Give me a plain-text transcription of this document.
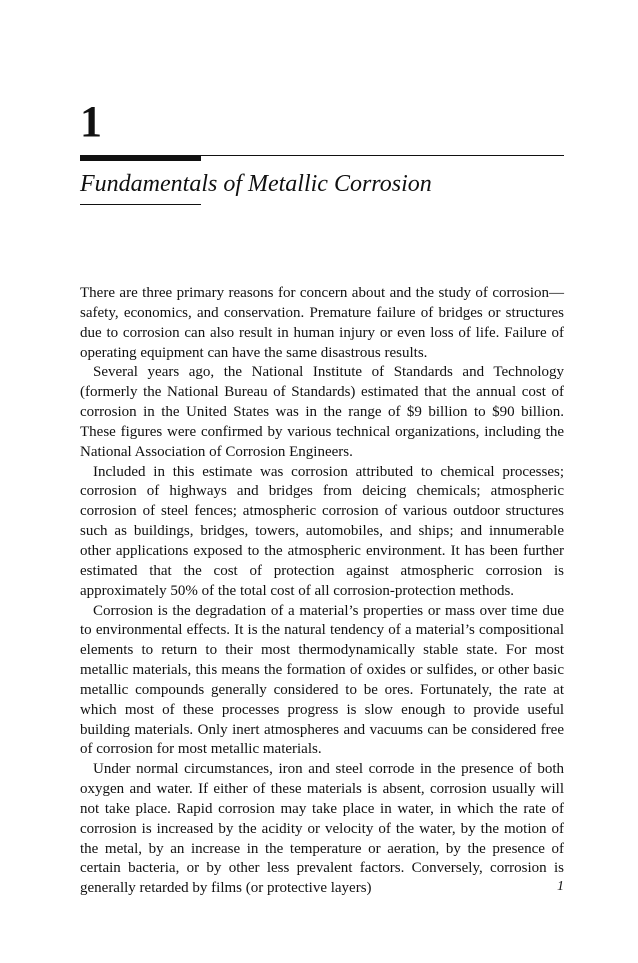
1
Fundamentals of Metallic Corrosion

There are three primary reasons for concern about and the study of corrosion—safety, economics, and conservation. Premature failure of bridges or structures due to corrosion can also result in human injury or even loss of life. Failure of operating equipment can have the same disastrous results.

Several years ago, the National Institute of Standards and Technology (formerly the National Bureau of Standards) estimated that the annual cost of corrosion in the United States was in the range of $9 billion to $90 billion. These figures were confirmed by various technical organizations, including the National Association of Corrosion Engineers.

Included in this estimate was corrosion attributed to chemical processes; corrosion of highways and bridges from deicing chemicals; atmospheric corrosion of steel fences; atmospheric corrosion of various outdoor structures such as buildings, bridges, towers, automobiles, and ships; and innumerable other applications exposed to the atmospheric environment. It has been further estimated that the cost of protection against atmospheric corrosion is approximately 50% of the total cost of all corrosion-protection methods.

Corrosion is the degradation of a material’s properties or mass over time due to environmental effects. It is the natural tendency of a material’s compositional elements to return to their most thermodynamically stable state. For most metallic materials, this means the formation of oxides or sulfides, or other basic metallic compounds generally considered to be ores. Fortunately, the rate at which most of these processes progress is slow enough to provide useful building materials. Only inert atmospheres and vacuums can be considered free of corrosion for most metallic materials.

Under normal circumstances, iron and steel corrode in the presence of both oxygen and water. If either of these materials is absent, corrosion usually will not take place. Rapid corrosion may take place in water, in which the rate of corrosion is increased by the acidity or velocity of the water, by the motion of the metal, by an increase in the temperature or aeration, by the presence of certain bacteria, or by other less prevalent factors. Conversely, corrosion is generally retarded by films (or protective layers)	1
